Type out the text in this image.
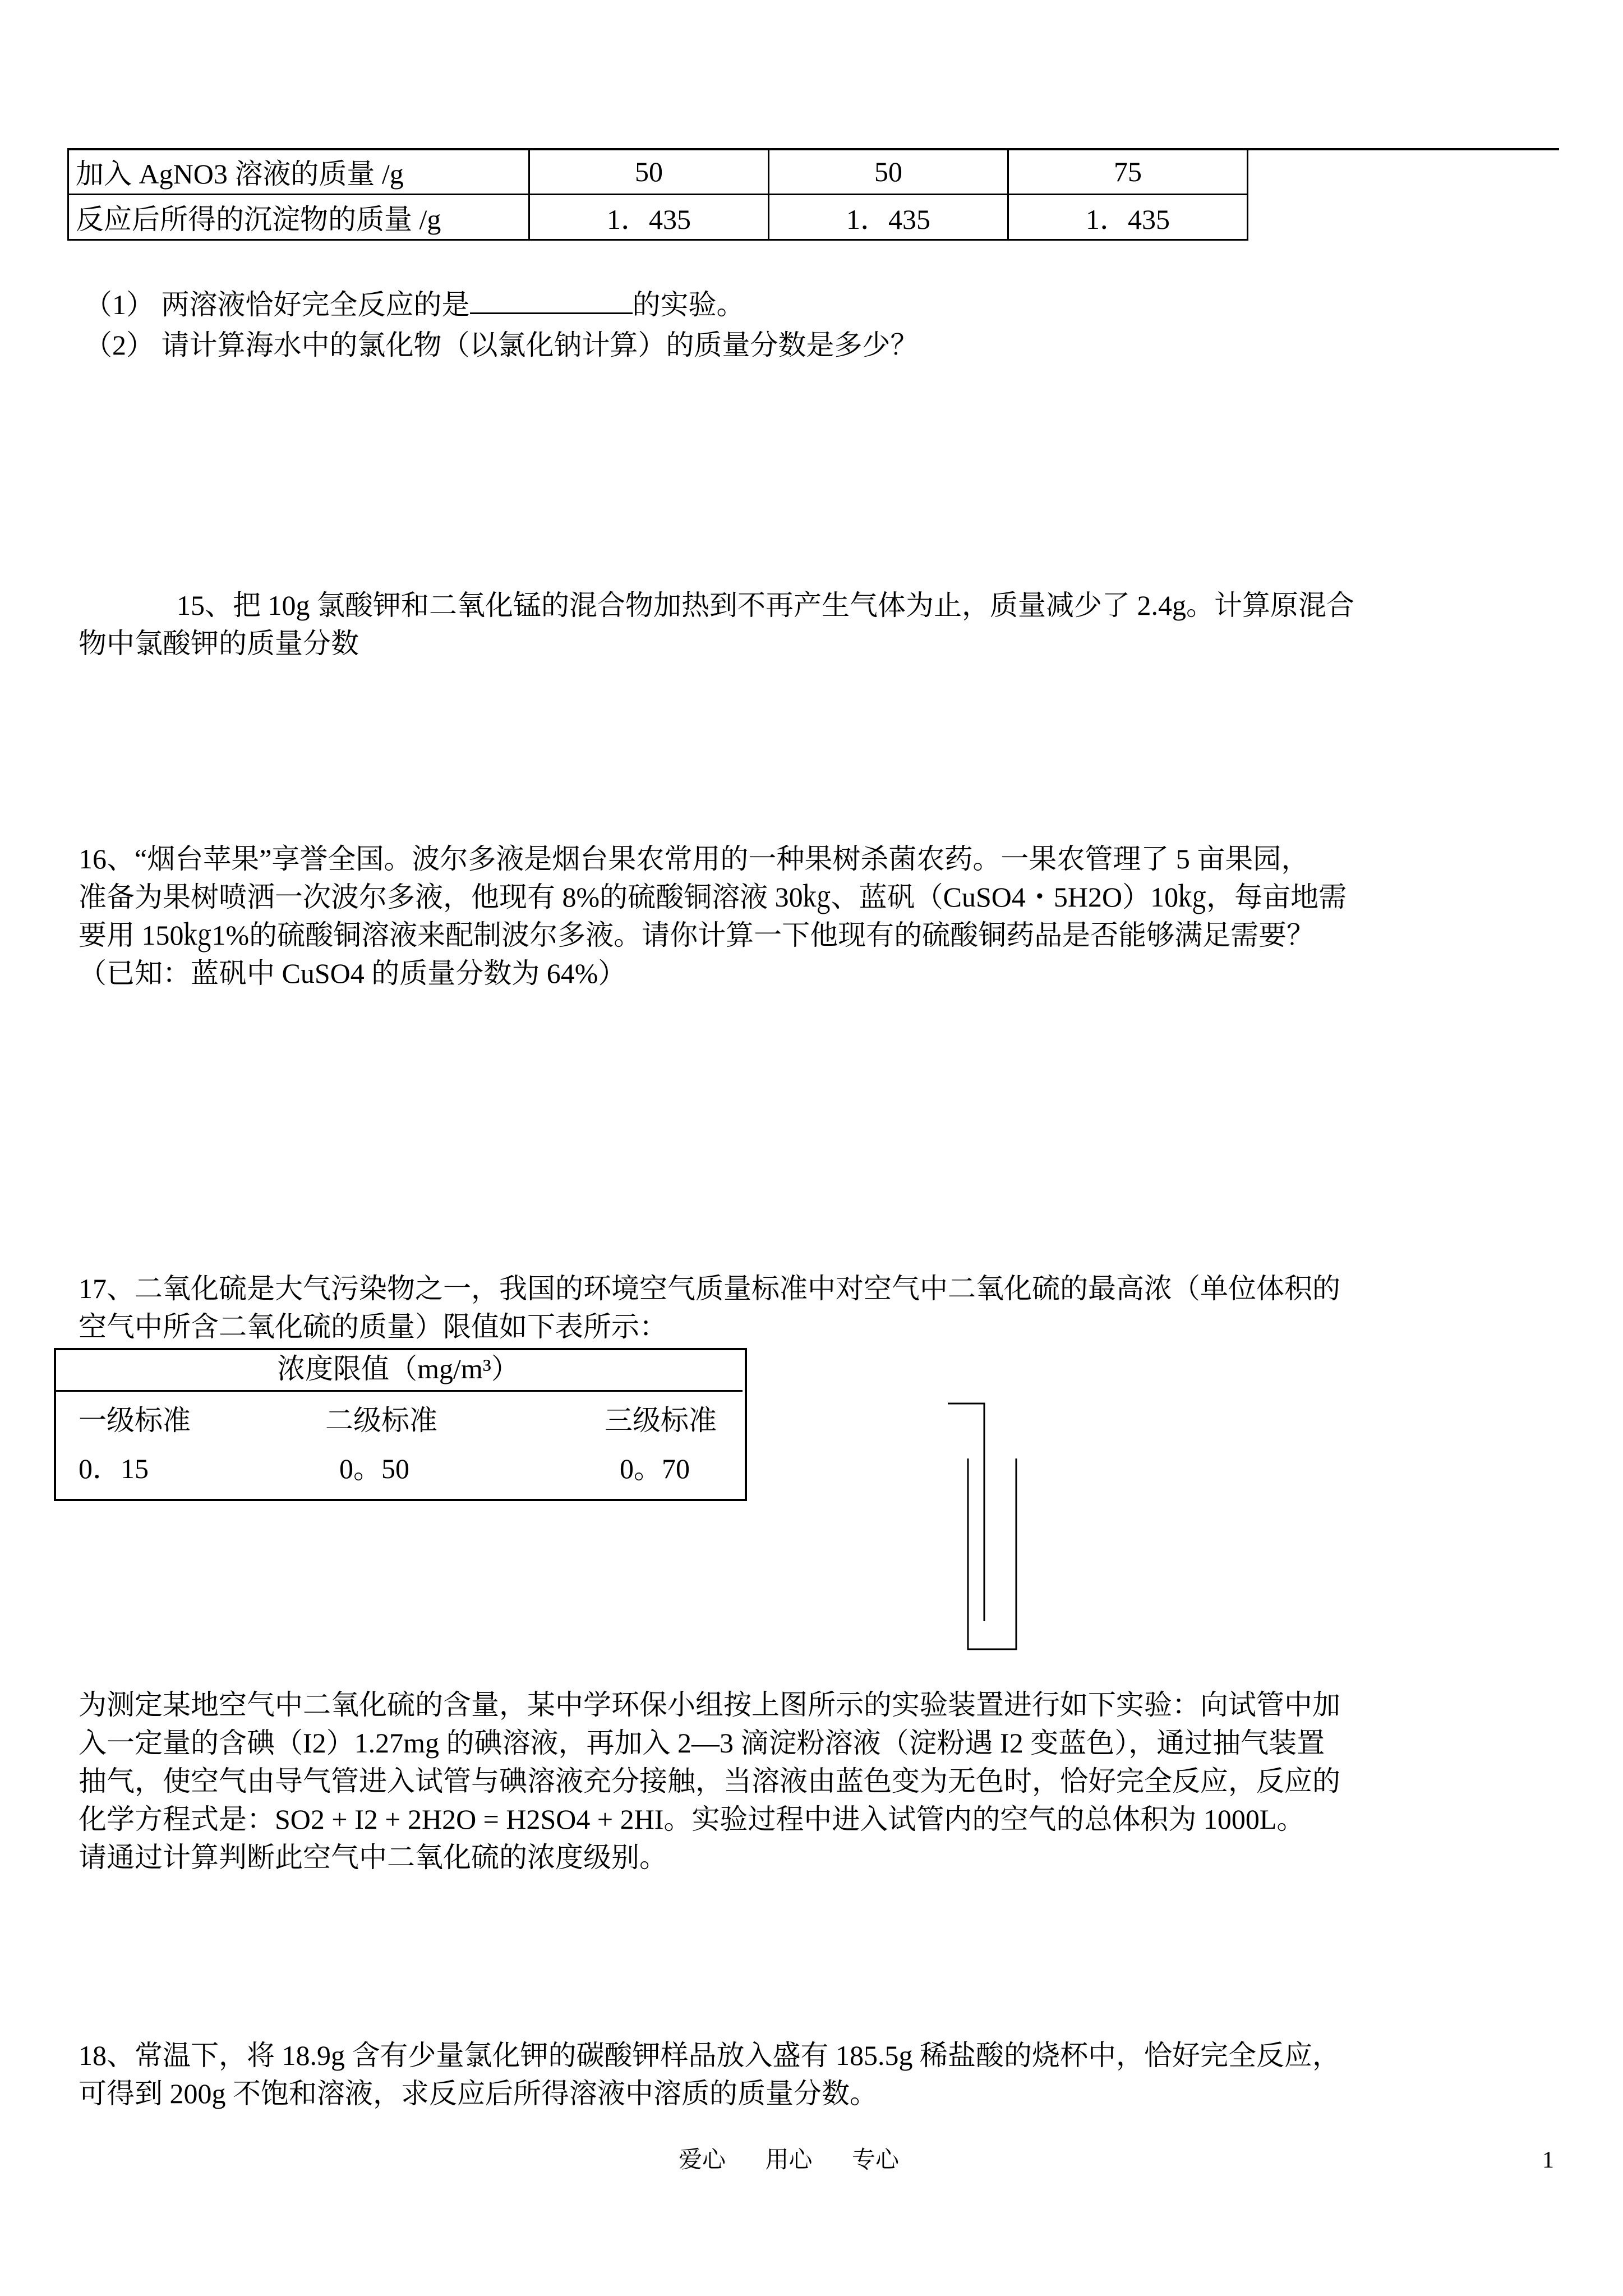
加入 AgNO3 溶液的质量 /g	50	50	75
反应后所得的沉淀物的质量 /g	1．435	1．435	1．435
（1） 两溶液恰好完全反应的是	的实验。
（2） 请计算海水中的氯化物（以氯化钠计算）的质量分数是多少？
15、把 10g 氯酸钾和二氧化锰的混合物加热到不再产生气体为止，质量减少了 2.4g。计算原混合
物中氯酸钾的质量分数
16、“烟台苹果”享誉全国。波尔多液是烟台果农常用的一种果树杀菌农药。一果农管理了 5 亩果园，
准备为果树喷洒一次波尔多液，他现有 8%的硫酸铜溶液 30㎏、蓝矾（CuSO4・5H2O）10㎏，每亩地需
要用 150㎏1%的硫酸铜溶液来配制波尔多液。请你计算一下他现有的硫酸铜药品是否能够满足需要？
（已知：蓝矾中 CuSO4 的质量分数为 64%）
17、二氧化硫是大气污染物之一，我国的环境空气质量标准中对空气中二氧化硫的最高浓（单位体积的
空气中所含二氧化硫的质量）限值如下表所示：
浓度限值（mg/m³）
一级标准	二级标准	三级标准
0．15	0。50	0。70
为测定某地空气中二氧化硫的含量，某中学环保小组按上图所示的实验装置进行如下实验：向试管中加
入一定量的含碘（I2）1.27mg 的碘溶液，再加入 2—3 滴淀粉溶液（淀粉遇 I2 变蓝色），通过抽气装置
抽气，使空气由导气管进入试管与碘溶液充分接触，当溶液由蓝色变为无色时，恰好完全反应，反应的
化学方程式是：SO2 + I2 + 2H2O = H2SO4 + 2HI。实验过程中进入试管内的空气的总体积为 1000L。
请通过计算判断此空气中二氧化硫的浓度级别。
18、常温下，将 18.9g 含有少量氯化钾的碳酸钾样品放入盛有 185.5g 稀盐酸的烧杯中，恰好完全反应，
可得到 200g 不饱和溶液，求反应后所得溶液中溶质的质量分数。
爱心 用心 专心	1
